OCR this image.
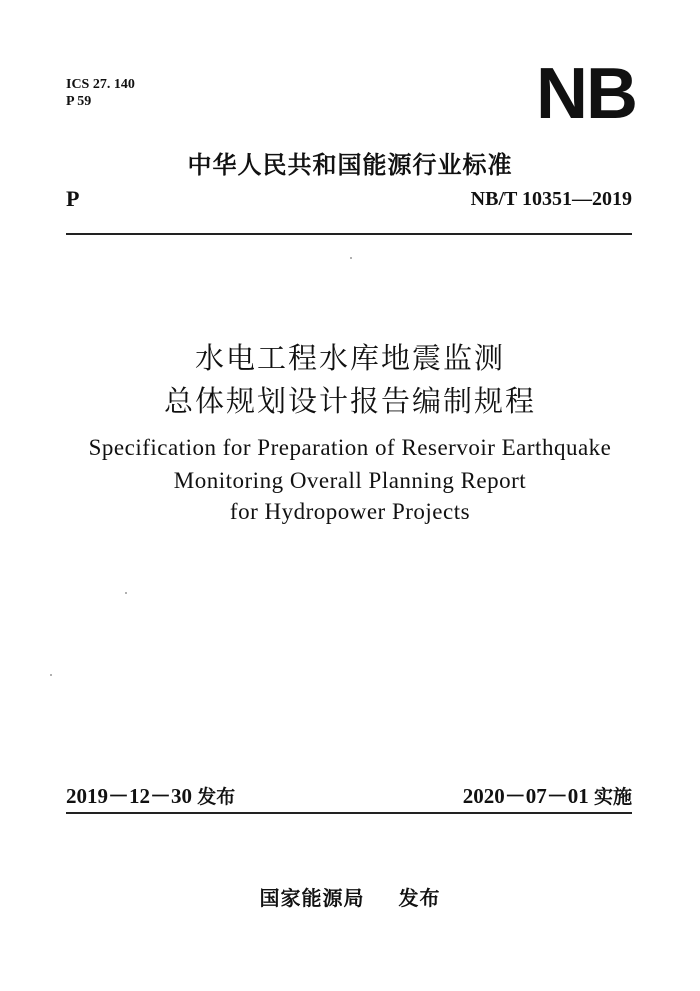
ICS 27. 140
P 59	NB
中华人民共和国能源行业标准
P	NB/T 10351—2019
水电工程水库地震监测
总体规划设计报告编制规程
Specification for Preparation of Reservoir Earthquake
Monitoring Overall Planning Report
for Hydropower Projects
2019－12－30 发布	2020－07－01 实施
国家能源局 发布
